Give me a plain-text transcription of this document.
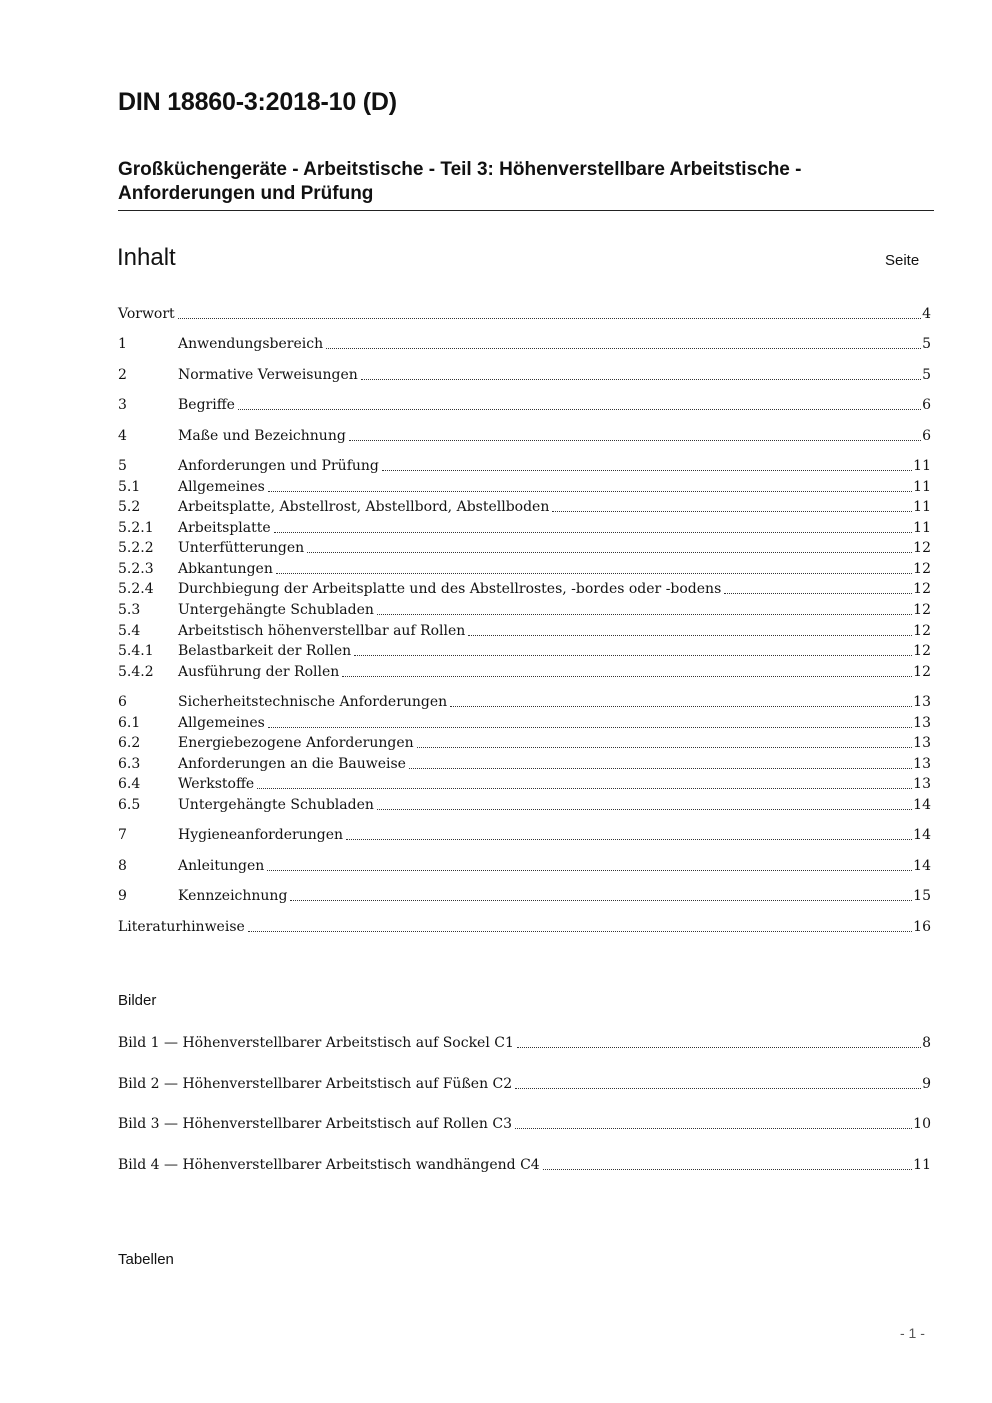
DIN 18860-3:2018-10 (D)
Großküchengeräte - Arbeitstische - Teil 3: Höhenverstellbare Arbeitstische -
Anforderungen und Prüfung
Inhalt	Seite
Vorwort	4
1	Anwendungsbereich	5
2	Normative Verweisungen	5
3	Begriffe	6
4	Maße und Bezeichnung	6
5	Anforderungen und Prüfung	11
5.1	Allgemeines	11
5.2	Arbeitsplatte, Abstellrost, Abstellbord, Abstellboden	11
5.2.1	Arbeitsplatte	11
5.2.2	Unterfütterungen	12
5.2.3	Abkantungen	12
5.2.4	Durchbiegung der Arbeitsplatte und des Abstellrostes, -bordes oder -bodens	12
5.3	Untergehängte Schubladen	12
5.4	Arbeitstisch höhenverstellbar auf Rollen	12
5.4.1	Belastbarkeit der Rollen	12
5.4.2	Ausführung der Rollen	12
6	Sicherheitstechnische Anforderungen	13
6.1	Allgemeines	13
6.2	Energiebezogene Anforderungen	13
6.3	Anforderungen an die Bauweise	13
6.4	Werkstoffe	13
6.5	Untergehängte Schubladen	14
7	Hygieneanforderungen	14
8	Anleitungen	14
9	Kennzeichnung	15
Literaturhinweise	16
Bilder
Bild 1 — Höhenverstellbarer Arbeitstisch auf Sockel C1	8
Bild 2 — Höhenverstellbarer Arbeitstisch auf Füßen C2	9
Bild 3 — Höhenverstellbarer Arbeitstisch auf Rollen C3	10
Bild 4 — Höhenverstellbarer Arbeitstisch wandhängend C4	11
Tabellen
- 1 -
